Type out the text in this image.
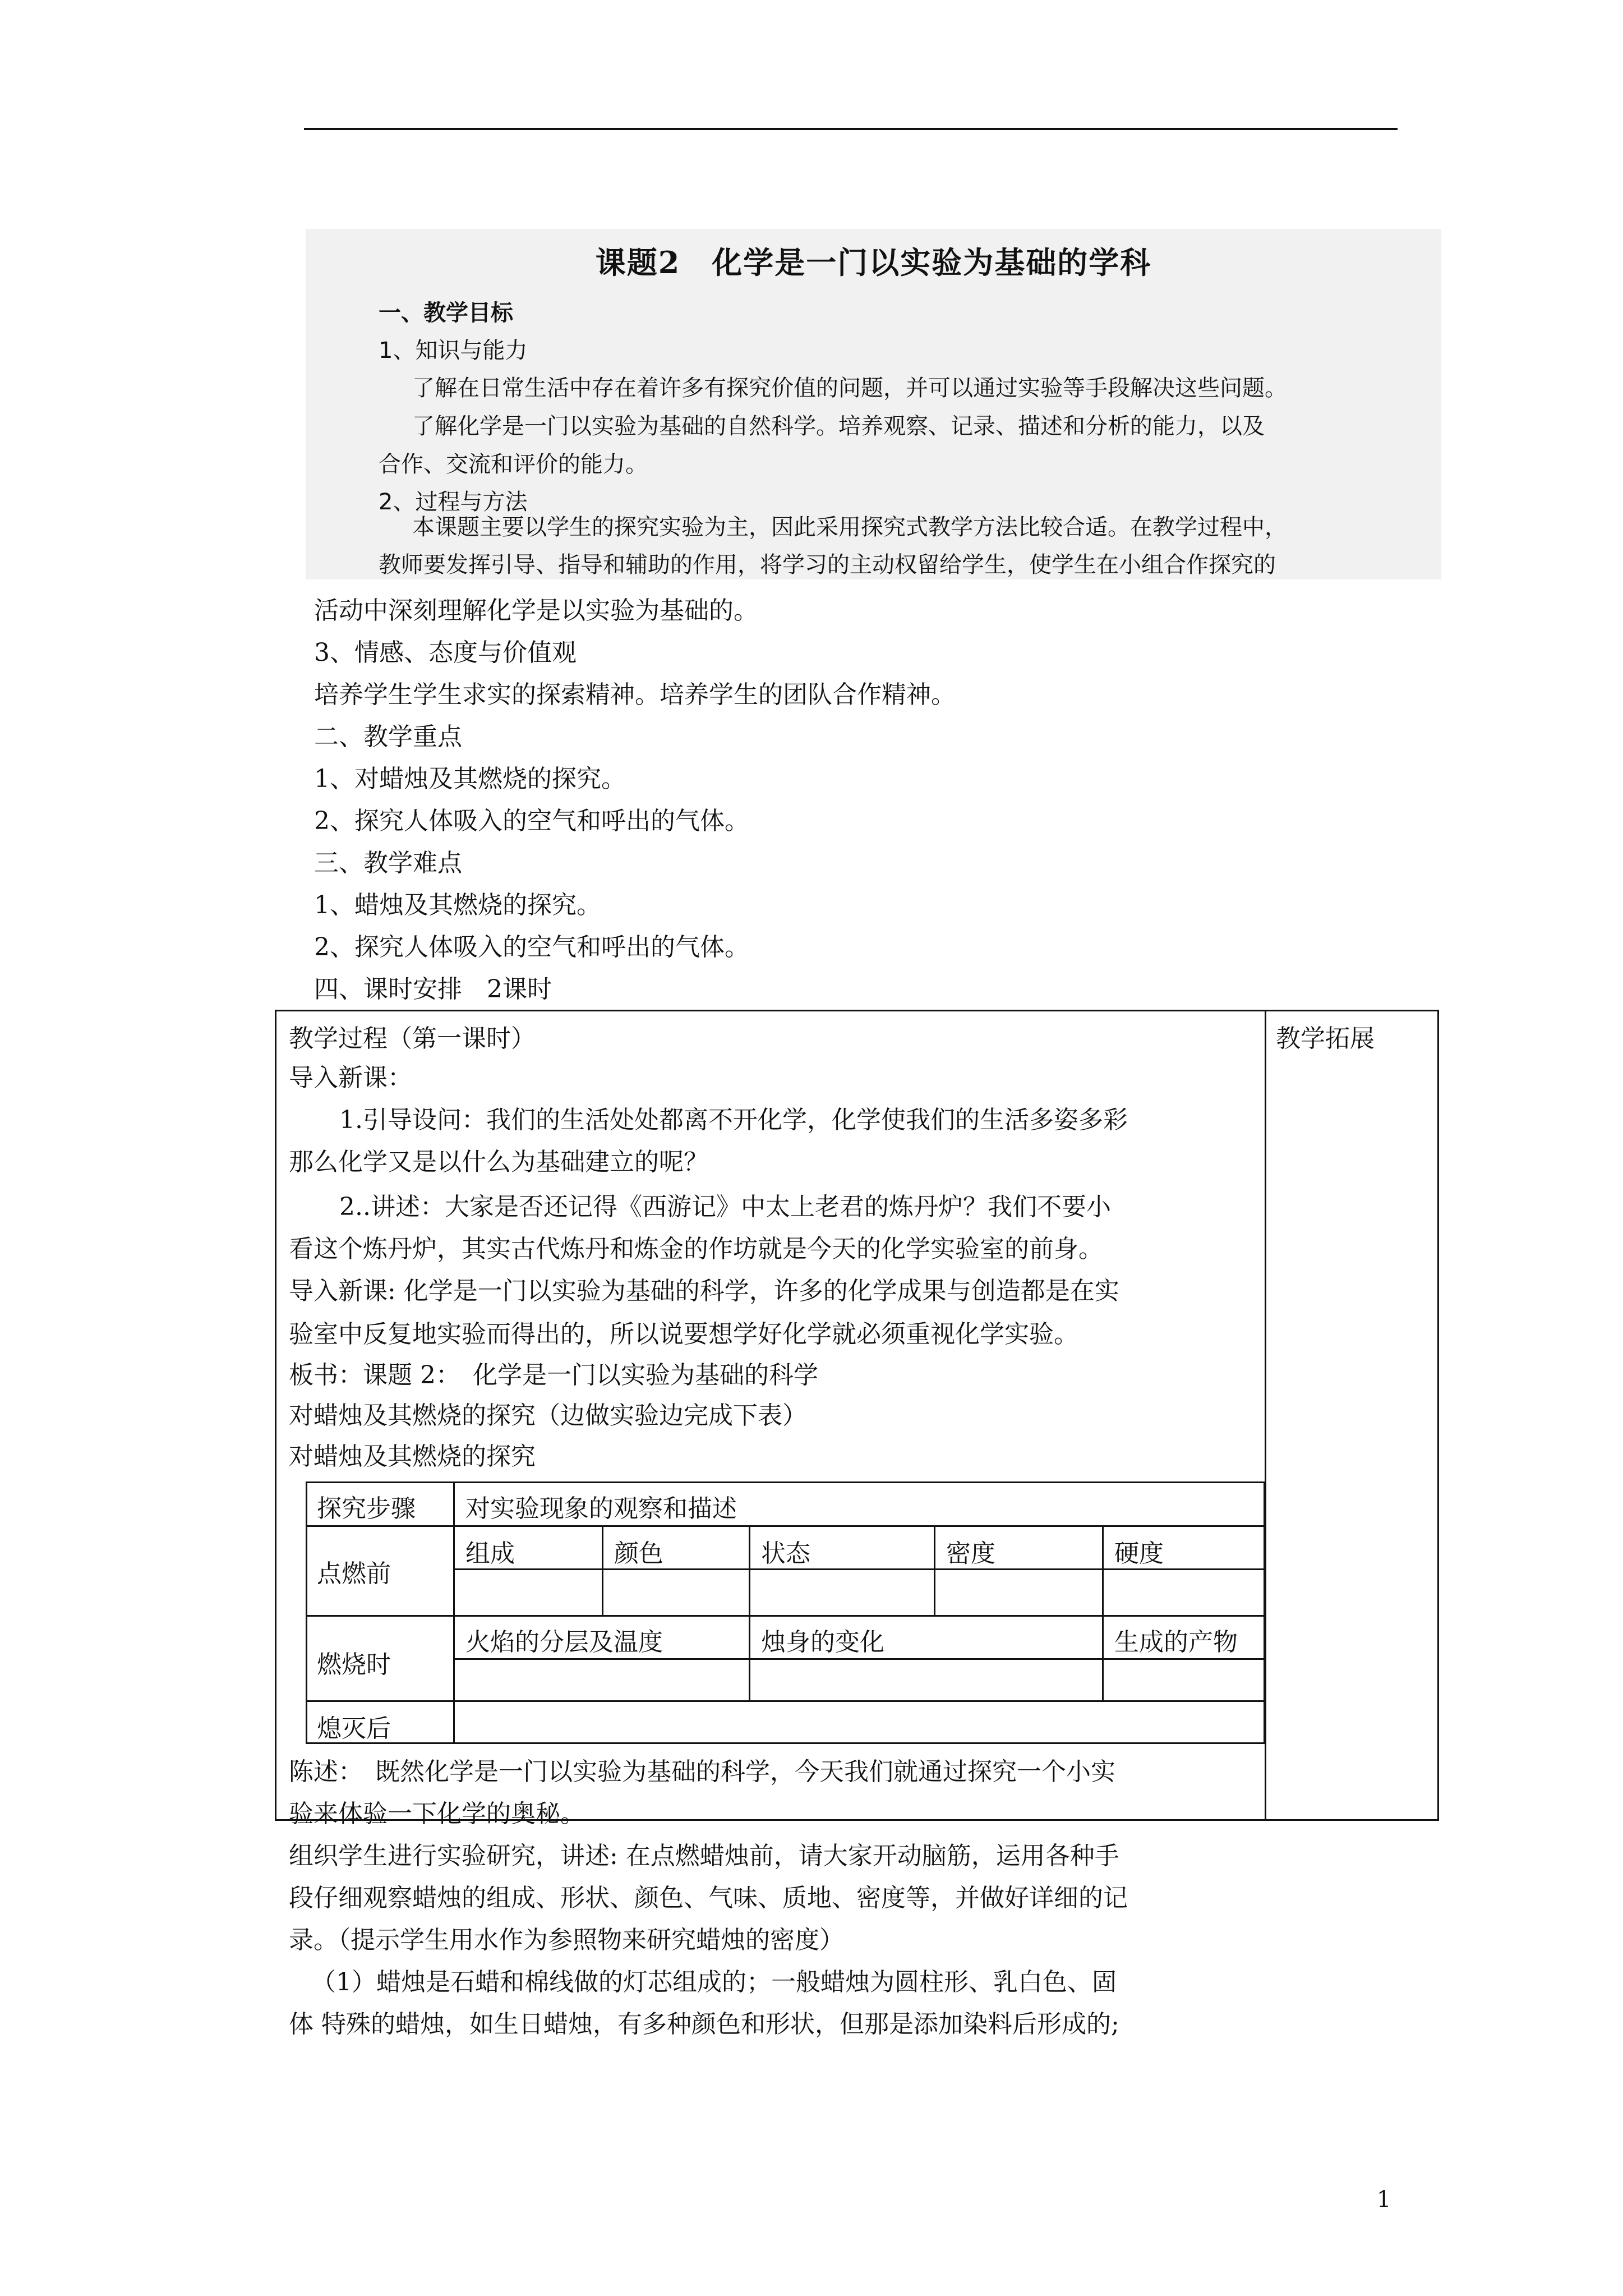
课题2　化学是一门以实验为基础的学科
一、教学目标
1、知识与能力
了解在日常生活中存在着许多有探究价值的问题，并可以通过实验等手段解决这些问题。
了解化学是一门以实验为基础的自然科学。培养观察、记录、描述和分析的能力，以及
合作、交流和评价的能力。
2、过程与方法
本课题主要以学生的探究实验为主，因此采用探究式教学方法比较合适。在教学过程中，
教师要发挥引导、指导和辅助的作用，将学习的主动权留给学生，使学生在小组合作探究的
活动中深刻理解化学是以实验为基础的。
3、情感、态度与价值观
培养学生学生求实的探索精神。培养学生的团队合作精神。
二、教学重点
1、对蜡烛及其燃烧的探究。
2、探究人体吸入的空气和呼出的气体。
三、教学难点
1、蜡烛及其燃烧的探究。
2、探究人体吸入的空气和呼出的气体。
四、课时安排　2课时
教学拓展
教学过程（第一课时）
导入新课：
1.引导设问：我们的生活处处都离不开化学，化学使我们的生活多姿多彩
那么化学又是以什么为基础建立的呢？
2..讲述：大家是否还记得《西游记》中太上老君的炼丹炉？我们不要小
看这个炼丹炉，其实古代炼丹和炼金的作坊就是今天的化学实验室的前身。
导入新课: 化学是一门以实验为基础的科学，许多的化学成果与创造都是在实
验室中反复地实验而得出的，所以说要想学好化学就必须重视化学实验。
板书：课题 2：　化学是一门以实验为基础的科学
对蜡烛及其燃烧的探究（边做实验边完成下表）
对蜡烛及其燃烧的探究
探究步骤 对实验现象的观察和描述
点燃前
组成	颜色	状态	密度	硬度
燃烧时
火焰的分层及温度	烛身的变化	生成的产物
熄灭后
陈述：　既然化学是一门以实验为基础的科学，今天我们就通过探究一个小实
验来体验一下化学的奥秘。
组织学生进行实验研究，讲述: 在点燃蜡烛前，请大家开动脑筋，运用各种手
段仔细观察蜡烛的组成、形状、颜色、气味、质地、密度等，并做好详细的记
录。（提示学生用水作为参照物来研究蜡烛的密度）
（1）蜡烛是石蜡和棉线做的灯芯组成的；一般蜡烛为圆柱形、乳白色、固
体 特殊的蜡烛，如生日蜡烛，有多种颜色和形状，但那是添加染料后形成的;
1
